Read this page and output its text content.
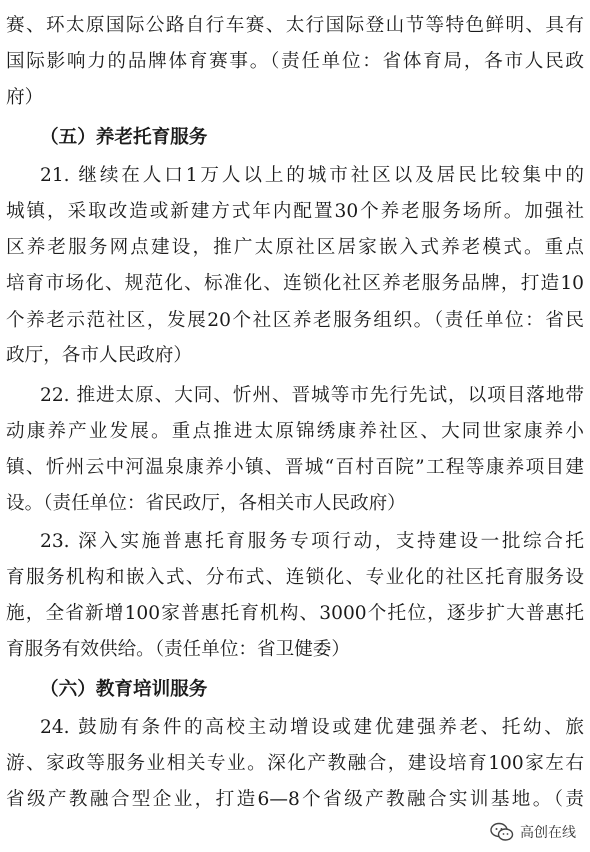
赛、环太原国际公路自行车赛、太行国际登山节等特色鲜明、具有
国际影响力的品牌体育赛事。（责任单位：省体育局，各市人民政
府）
（五）养老托育服务
21. 继续在人口1万人以上的城市社区以及居民比较集中的
城镇，采取改造或新建方式年内配置30个养老服务场所。加强社
区养老服务网点建设，推广太原社区居家嵌入式养老模式。重点
培育市场化、规范化、标准化、连锁化社区养老服务品牌，打造10
个养老示范社区，发展20个社区养老服务组织。（责任单位：省民
政厅，各市人民政府）
22. 推进太原、大同、忻州、晋城等市先行先试，以项目落地带
动康养产业发展。重点推进太原锦绣康养社区、大同世家康养小
镇、忻州云中河温泉康养小镇、晋城“百村百院”工程等康养项目建
设。（责任单位：省民政厅，各相关市人民政府）
23. 深入实施普惠托育服务专项行动，支持建设一批综合托
育服务机构和嵌入式、分布式、连锁化、专业化的社区托育服务设
施，全省新增100家普惠托育机构、3000个托位，逐步扩大普惠托
育服务有效供给。（责任单位：省卫健委）
（六）教育培训服务
24. 鼓励有条件的高校主动增设或建优建强养老、托幼、旅
游、家政等服务业相关专业。深化产教融合，建设培育100家左右
省级产教融合型企业，打造6—8个省级产教融合实训基地。（责
高创在线
